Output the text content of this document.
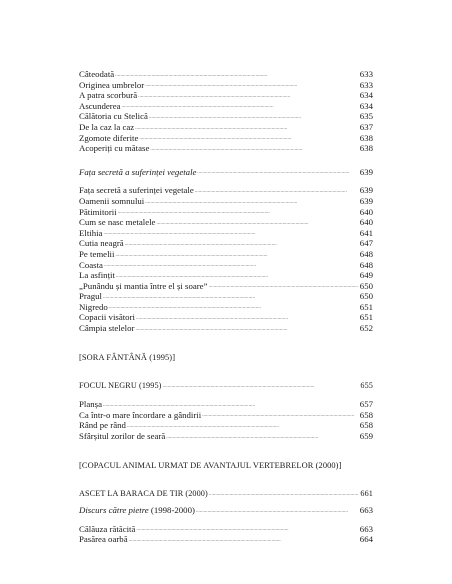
Câteodată . . .	633
Originea umbrelor . . .	633
A patra scorbură . . .	634
Ascunderea . . .	634
Călătoria cu Stelică . . .	635
De la caz la caz . . .	637
Zgomote diferite . . .	638
Acoperiți cu mătase . . .	638
Fața secretă a suferinței vegetale . . .	639
Fața secretă a suferinței vegetale . . .	639
Oamenii somnului . . .	639
Pătimitorii . . .	640
Cum se nasc metalele . . .	640
Eltihia . . .	641
Cutia neagră . . .	647
Pe temelii . . .	648
Coasta . . .	648
La asfințit . . .	649
„Punându și mantia între el și soare” . . .	650
Pragul . . .	650
Nigredo . . .	651
Copacii visători . . .	651
Câmpia stelelor . . .	652
[SORA FÂNTÂNĂ (1995)]
FOCUL NEGRU (1995) . . .	655
Planșa . . .	657
Ca într-o mare încordare a gândirii . . .	658
Rând pe rând . . .	658
Sfârșitul zorilor de seară . . .	659
[COPACUL ANIMAL URMAT DE AVANTAJUL VERTEBRELOR (2000)]
ASCET LA BARACA DE TIR (2000) . . .	661
Discurs către pietre (1998-2000) . . .	663
Călăuza rătăcită . . .	663
Pasărea oarbă . . .	664
